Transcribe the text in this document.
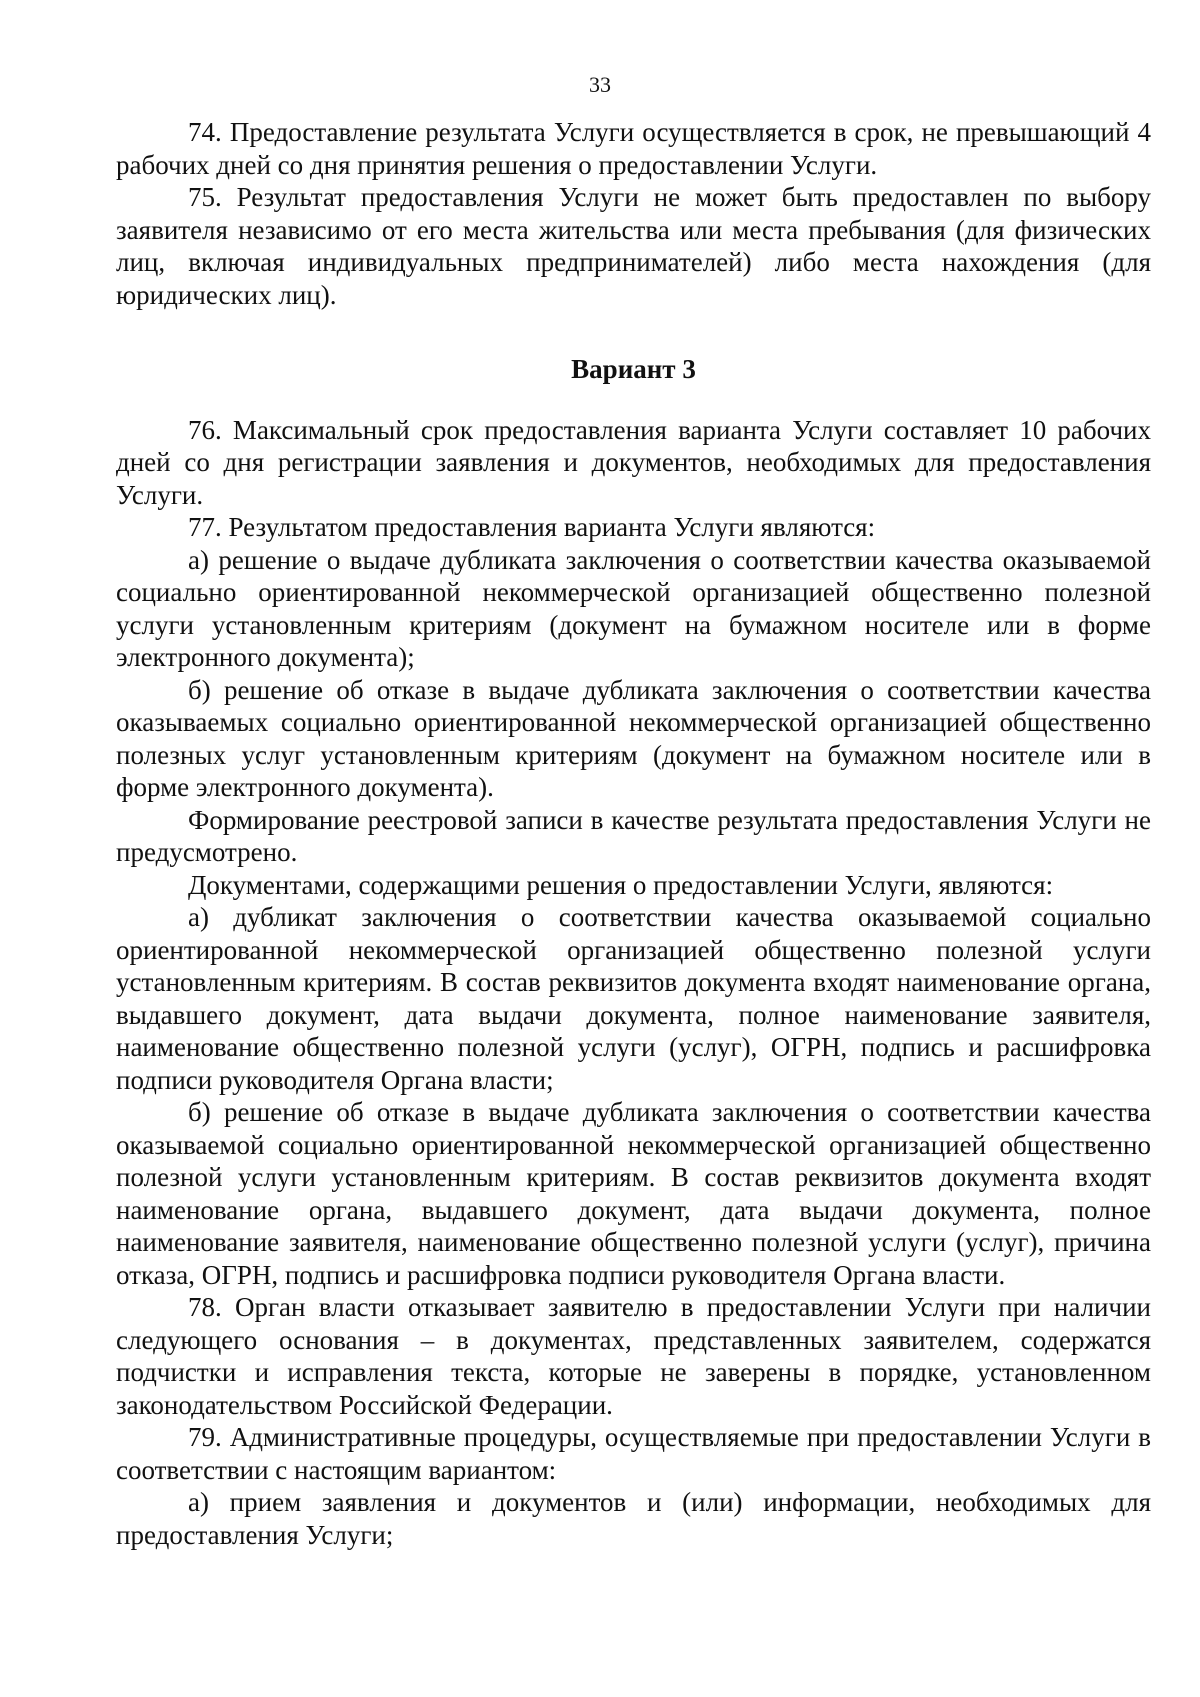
33

74. Предоставление результата Услуги осуществляется в срок, не превышающий 4 рабочих дней со дня принятия решения о предоставлении Услуги.

75. Результат предоставления Услуги не может быть предоставлен по выбору заявителя независимо от его места жительства или места пребывания (для физических лиц, включая индивидуальных предпринимателей) либо места нахождения (для юридических лиц).

Вариант 3

76. Максимальный срок предоставления варианта Услуги составляет 10 рабочих дней со дня регистрации заявления и документов, необходимых для предоставления Услуги.

77. Результатом предоставления варианта Услуги являются:

а) решение о выдаче дубликата заключения о соответствии качества оказываемой социально ориентированной некоммерческой организацией общественно полезной услуги установленным критериям (документ на бумажном носителе или в форме электронного документа);

б) решение об отказе в выдаче дубликата заключения о соответствии качества оказываемых социально ориентированной некоммерческой организацией общественно полезных услуг установленным критериям (документ на бумажном носителе или в форме электронного документа).

Формирование реестровой записи в качестве результата предоставления Услуги не предусмотрено.

Документами, содержащими решения о предоставлении Услуги, являются:

а) дубликат заключения о соответствии качества оказываемой социально ориентированной некоммерческой организацией общественно полезной услуги установленным критериям. В состав реквизитов документа входят наименование органа, выдавшего документ, дата выдачи документа, полное наименование заявителя, наименование общественно полезной услуги (услуг), ОГРН, подпись и расшифровка подписи руководителя Органа власти;

б) решение об отказе в выдаче дубликата заключения о соответствии качества оказываемой социально ориентированной некоммерческой организацией общественно полезной услуги установленным критериям. В состав реквизитов документа входят наименование органа, выдавшего документ, дата выдачи документа, полное наименование заявителя, наименование общественно полезной услуги (услуг), причина отказа, ОГРН, подпись и расшифровка подписи руководителя Органа власти.

78. Орган власти отказывает заявителю в предоставлении Услуги при наличии следующего основания – в документах, представленных заявителем, содержатся подчистки и исправления текста, которые не заверены в порядке, установленном законодательством Российской Федерации.

79. Административные процедуры, осуществляемые при предоставлении Услуги в соответствии с настоящим вариантом:

а) прием заявления и документов и (или) информации, необходимых для предоставления Услуги;
